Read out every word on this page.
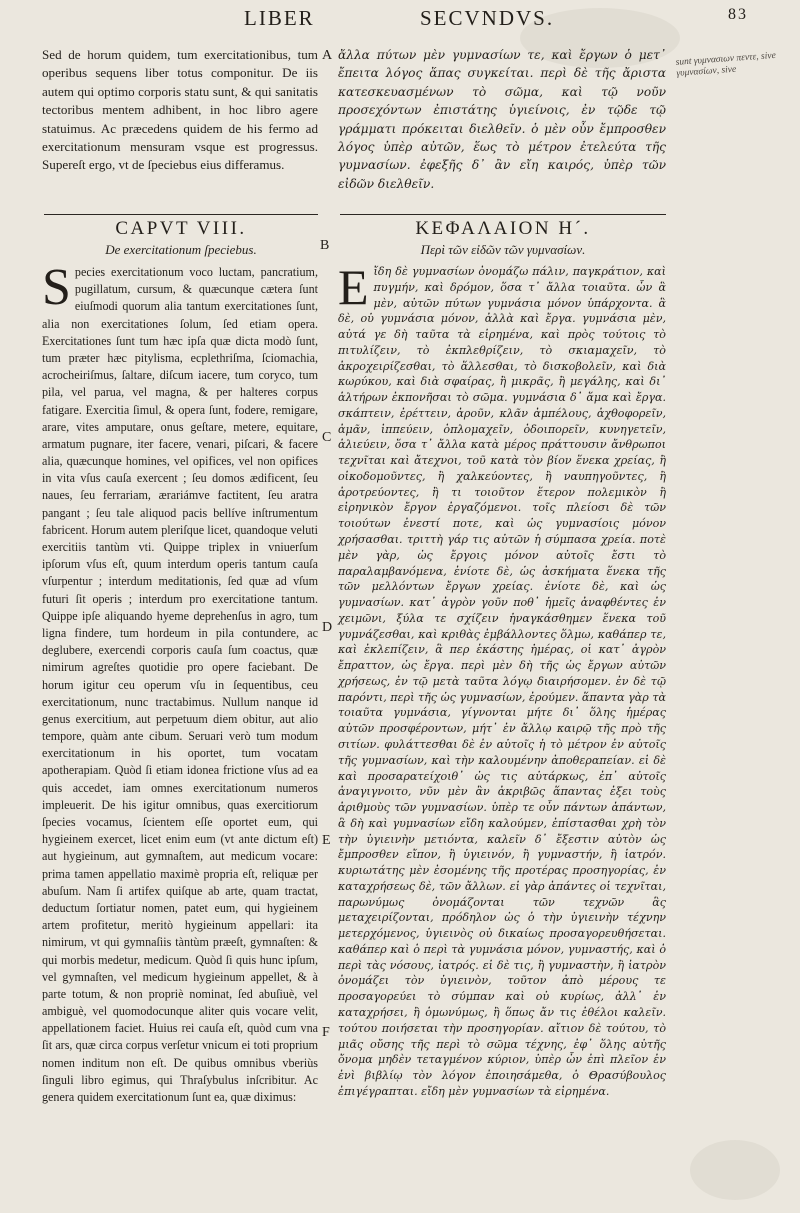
LIBER	SECVNDVS.	83
sunt γυμνασιων πεντε, sive γυμνασίων, sive

Sed de horum quidem, tum exercitationibus, tum operibus sequens liber totus componitur. De iis autem qui optimo corporis statu sunt, & qui sanitatis tectoribus mentem adhibent, in hoc libro agere statuimus. Ac præcedens quidem de his fermo ad exercitationum mensuram vsque est progressus. Supereſt ergo, vt de ſpeciebus eius differamus.

ἄλλα πύτων μὲν γυμνασίων τε, καὶ ἔργων ὁ μετ᾽ ἔπειτα λόγος ἅπας συγκείται. περὶ δὲ τῆς ἄριστα κατεσκευασμένων τὸ σῶμα, καὶ τῷ νοῦν προσεχόντων ἐπιστάτης ὑγιείνοις, ἐν τῷδε τῷ γράμματι πρόκειται διελθεῖν. ὁ μὲν οὖν ἔμπροσθεν λόγος ὑπὲρ αὐτῶν, ἕως τὸ μέτρον ἐτελεύτα τῆς γυμνασίων. ἐφεξῆς δ᾽ ἂν εἴη καιρός, ὑπὲρ τῶν εἰδῶν διελθεῖν.

CAPVT VIII.	ΚΕΦΑΛΑΙΟΝ Η´.
De exercitationum ſpeciebus.	Περὶ τῶν εἰδῶν τῶν γυμνασίων.
S pecies exercitationum voco luctam, pancratium, pugillatum, cursum, & quæcunque cætera ſunt eiuſmodi quorum alia tantum exercitationes ſunt, alia non exercitationes ſolum, ſed etiam opera. Exercitationes ſunt tum hæc ipſa quæ dicta modò ſunt, tum præter hæc pitylisma, ecplethriſma, ſciomachia, acrocheiriſmus, ſaltare, diſcum iacere, tum coryco, tum pila, vel parua, vel magna, & per halteres corpus fatigare. Exercitia ſimul, & opera ſunt, fodere, remigare, arare, vites amputare, onus geſtare, metere, equitare, armatum pugnare, iter facere, venari, piſcari, & facere alia, quæcunque homines, vel opifices, vel non opifices in vita vſus cauſa exercent ; ſeu domos ædificent, ſeu naues, ſeu ferrariam, ærariámve factitent, ſeu aratra pangant ; ſeu tale aliquod pacis bellíve inſtrumentum fabricent. Horum autem pleriſque licet, quandoque veluti exercitiis tantùm vti. Quippe triplex in vniuerſum ipſorum vſus eſt, quum interdum operis tantum cauſa vſurpentur ; interdum meditationis, ſed quæ ad vſum futuri ſit operis ; interdum pro exercitatione tantum. Quippe ipſe aliquando hyeme deprehenſus in agro, tum ligna findere, tum hordeum in pila contundere, ac deglubere, exercendi corporis cauſa ſum coactus, quæ nimirum agreſtes quotidie pro opere faciebant. De horum igitur ceu operum vſu in ſequentibus, ceu exercitationum, nunc tractabimus. Nullum nanque id genus exercitium, aut perpetuum diem obitur, aut alio tempore, quàm ante cibum. Seruari verò tum modum exercitationum in his oportet, tum vocatam apotherapiam. Quòd ſi etiam idonea frictione vſus ad ea quis accedet, iam omnes exercitationum numeros impleuerit. De his igitur omnibus, quas exercitiorum ſpecies vocamus, ſcientem eſſe oportet eum, qui hygieinem exercet, licet enim eum (vt ante dictum eſt) aut hygieinum, aut gymnaſtem, aut medicum vocare: prima tamen appellatio maximè propria eſt, reliquæ per abuſum. Nam ſi artifex quiſque ab arte, quam tractat, deductum ſortiatur nomen, patet eum, qui hygieinem artem profitetur, meritò hygieinum appellari: ita nimirum, vt qui gymnaſiis tàntùm præeſt, gymnaſten: & qui morbis medetur, medicum. Quòd ſi quis hunc ipſum, vel gymnaſten, vel medicum hygieinum appellet, & à parte totum, & non propriè nominat, ſed abuſiuè, vel ambiguè, vel quomodocunque aliter quis vocare velit, appellationem faciet. Huius rei cauſa eſt, quòd cum vna ſit ars, quæ circa corpus verſetur vnicum ei toti proprium nomen inditum non eſt. De quibus omnibus vberiùs ſinguli libro egimus, qui Thraſybulus inſcribitur. Ac genera quidem exercitationum ſunt ea, quæ diximus:
Ε ἴδη δὲ γυμνασίων ὀνομάζω πάλιν, παγκράτιον, καὶ πυγμήν, καὶ δρόμον, ὅσα τ᾽ ἄλλα τοιαῦτα. ὧν ἃ μὲν, αὐτῶν πύτων γυμνάσια μόνον ὑπάρχοντα. ἃ δὲ, οὐ γυμνάσια μόνον, ἀλλὰ καὶ ἔργα. γυμνάσια μὲν, αὐτά γε δὴ ταῦτα τὰ εἰρημένα, καὶ πρὸς τούτοις τὸ πιτυλίζειν, τὸ ἐκπλεθρίζειν, τὸ σκιαμαχεῖν, τὸ ἀκροχειρίζεσθαι, τὸ ἅλλεσθαι, τὸ δισκοβολεῖν, καὶ διὰ κωρύκου, καὶ διὰ σφαίρας, ἢ μικρᾶς, ἢ μεγάλης, καὶ δι᾽ ἁλτήρων ἐκπονῆσαι τὸ σῶμα. γυμνάσια δ᾽ ἅμα καὶ ἔργα. σκάπτειν, ἐρέττειν, ἀροῦν, κλᾶν ἀμπέλους, ἀχθοφορεῖν, ἀμᾶν, ἱππεύειν, ὁπλομαχεῖν, ὁδοιπορεῖν, κυνηγετεῖν, ἁλιεύειν, ὅσα τ᾽ ἄλλα κατὰ μέρος πράττουσιν ἄνθρωποι τεχνῖται καὶ ἄτεχνοι, τοῦ κατὰ τὸν βίον ἕνεκα χρείας, ἢ οἰκοδομοῦντες, ἢ χαλκεύοντες, ἢ ναυπηγοῦντες, ἢ ἀροτρεύοντες, ἢ τι τοιοῦτον ἕτερον πολεμικὸν ἢ εἰρηνικὸν ἔργον ἐργαζόμενοι. τοῖς πλείοσι δὲ τῶν τοιούτων ἐνεστί ποτε, καὶ ὡς γυμνασίοις μόνον χρήσασθαι. τριττὴ γάρ τις αὐτῶν ἡ σύμπασα χρεία. ποτὲ μὲν γὰρ, ὡς ἔργοις μόνον αὐτοῖς ἔστι τὸ παραλαμβανόμενα, ἐνίοτε δὲ, ὡς ἀσκήματα ἕνεκα τῆς τῶν μελλόντων ἔργων χρείας. ἐνίοτε δὲ, καὶ ὡς γυμνασίων. κατ᾽ ἀγρὸν γοῦν ποθ᾽ ἡμεῖς ἀναφθέντες ἐν χειμῶνι, ξύλα τε σχίζειν ἠναγκάσθημεν ἕνεκα τοῦ γυμνάζεσθαι, καὶ κριθὰς ἐμβάλλοντες ὅλμω, καθάπερ τε, καὶ ἐκλεπίζειν, ἃ περ ἑκάστης ἡμέρας, οἱ κατ᾽ ἀγρὸν ἔπραττον, ὡς ἔργα. περὶ μὲν δὴ τῆς ὡς ἔργων αὐτῶν χρήσεως, ἐν τῷ μετὰ ταῦτα λόγῳ διαιρήσομεν. ἐν δὲ τῷ παρόντι, περὶ τῆς ὡς γυμνασίων, ἐρούμεν. ἅπαντα γὰρ τὰ τοιαῦτα γυμνάσια, γίγνονται μήτε δι᾽ ὅλης ἡμέρας αὐτῶν προσφέροντων, μήτ᾽ ἐν ἄλλῳ καιρῷ τῆς πρὸ τῆς σιτίων. φυλάττεσθαι δὲ ἐν αὐτοῖς ἡ τὸ μέτρον ἐν αὐτοῖς τῆς γυμνασίων, καὶ τὴν καλουμένην ἀποθεραπείαν. εἰ δὲ καὶ προσαρατείχοιθ᾽ ὡς τις αὐτάρκως, ἐπ᾽ αὐτοῖς ἀναγιγνοιτο, νῦν μὲν ἂν ἀκριβῶς ἅπαντας ἐξει τοὺς ἀριθμοὺς τῶν γυμνασίων. ὑπὲρ τε οὖν πάντων ἁπάντων, ἃ δὴ καὶ γυμνασίων εἴδη καλούμεν, ἐπίστασθαι χρὴ τὸν τὴν ὑγιεινὴν μετιόντα, καλεῖν δ᾽ ἔξεστιν αὐτὸν ὡς ἔμπροσθεν εἴπον, ἢ ὑγιεινόν, ἢ γυμναστήν, ἢ ἰατρόν. κυριωτάτης μὲν ἐσομένης τῆς προτέρας προσηγορίας, ἐν καταχρήσεως δὲ, τῶν ἄλλων. εἰ γὰρ ἁπάντες οἱ τεχνῖται, παρωνύμως ὀνομάζονται τῶν τεχνῶν ἃς μεταχειρίζονται, πρόδηλον ὡς ὁ τὴν ὑγιεινὴν τέχνην μετερχόμενος, ὑγιεινὸς οὐ δικαίως προσαγορευθήσεται. καθάπερ καὶ ὁ περὶ τὰ γυμνάσια μόνον, γυμναστής, καὶ ὁ περὶ τὰς νόσους, ἰατρός. εἰ δὲ τις, ἢ γυμναστὴν, ἢ ἰατρὸν ὀνομάζει τὸν ὑγιεινὸν, τοῦτον ἀπὸ μέρους τε προσαγορεύει τὸ σύμπαν καὶ οὐ κυρίως, ἀλλ᾽ ἐν καταχρήσει, ἢ ὁμωνύμως, ἢ ὅπως ἄν τις ἐθέλοι καλεῖν. τούτου ποιήσεται τὴν προσηγορίαν. αἴτιον δὲ τούτου, τὸ μιᾶς οὔσης τῆς περὶ τὸ σῶμα τέχνης, ἐφ᾽ ὅλης αὐτῆς ὄνομα μηδὲν τεταγμένον κύριον, ὑπὲρ ὧν ἐπὶ πλεῖον ἐν ἑνὶ βιβλίῳ τὸν λόγον ἐποιησάμεθα, ὁ Θρασύβουλος ἐπιγέγραπται. εἴδη μὲν γυμνασίων τὰ εἰρημένα.
A
B
C
D
E
F
